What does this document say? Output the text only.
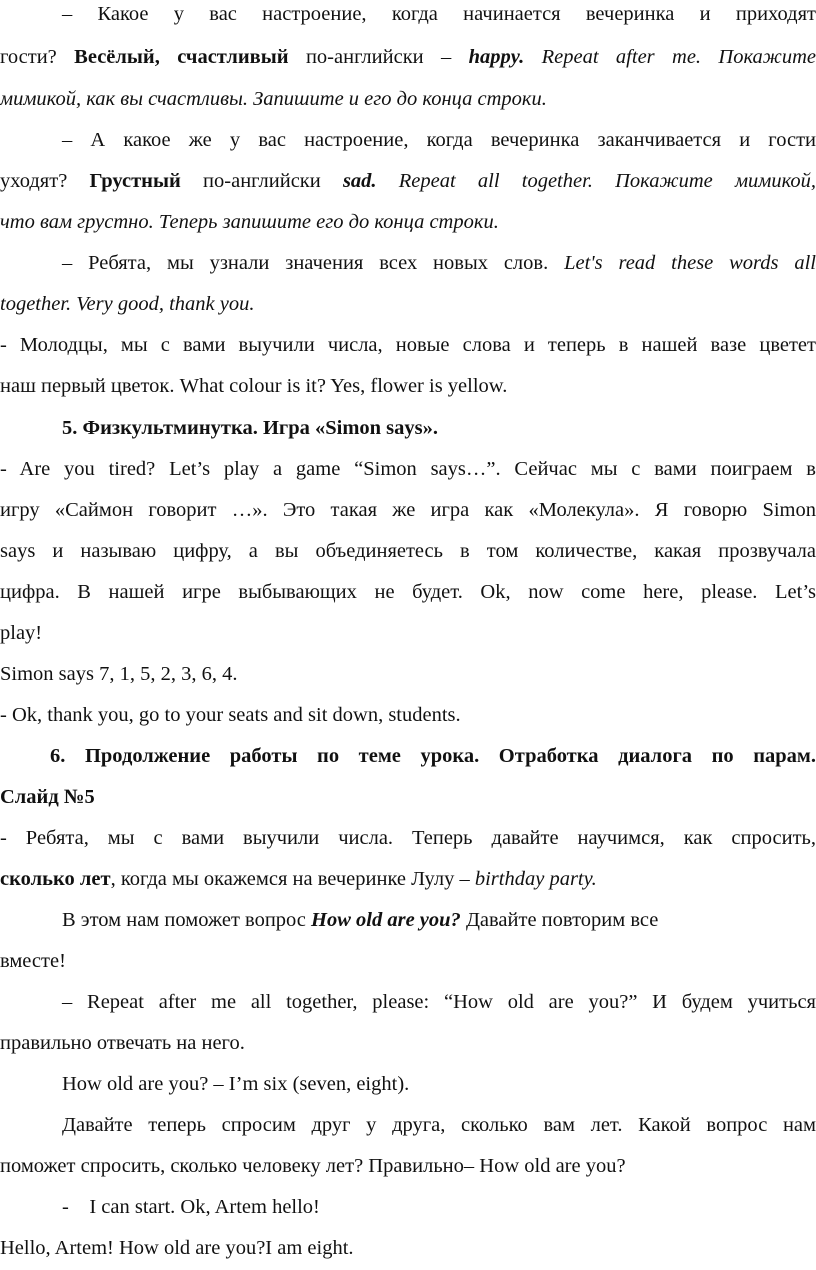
– Какое у вас настроение, когда начинается вечеринка и приходят
гости? Весёлый, счастливый по-английски – happy. Repeat after me. Покажите
мимикой, как вы счастливы. Запишите и его до конца строки.
– А какое же у вас настроение, когда вечеринка заканчивается и гости
уходят? Грустный по-английски sad. Repeat all together. Покажите мимикой,
что вам грустно. Теперь запишите его до конца строки.
– Ребята, мы узнали значения всех новых слов. Let's read these words all
together. Very good, thank you.
- Молодцы, мы с вами выучили числа, новые слова и теперь в нашей вазе цветет
наш первый цветок. What colour is it? Yes, flower is yellow.
5. Физкультминутка. Игра «Simon says».
- Are you tired? Let’s play a game “Simon says…”. Сейчас мы с вами поиграем в
игру «Саймон говорит …». Это такая же игра как «Молекула». Я говорю Simon
says и называю цифру, а вы объединяетесь в том количестве, какая прозвучала
цифра. В нашей игре выбывающих не будет. Ok, now come here, please. Let’s
play!
Simon says 7, 1, 5, 2, 3, 6, 4.
- Ok, thank you, go to your seats and sit down, students.
6. Продолжение работы по теме урока. Отработка диалога по парам.
Слайд №5
- Ребята, мы с вами выучили числа. Теперь давайте научимся, как спросить,
сколько лет, когда мы окажемся на вечеринке Лулу – birthday party.
В этом нам поможет вопрос How old are you? Давайте повторим все
вместе!
– Repeat after me all together, please: “How old are you?” И будем учиться
правильно отвечать на него.
How old are you? – I’m six (seven, eight).
Давайте теперь спросим друг у друга, сколько вам лет. Какой вопрос нам
поможет спросить, сколько человеку лет? Правильно– How old are you?
-    I can start. Ok, Artem hello!
Hello, Artem! How old are you?I am eight.
